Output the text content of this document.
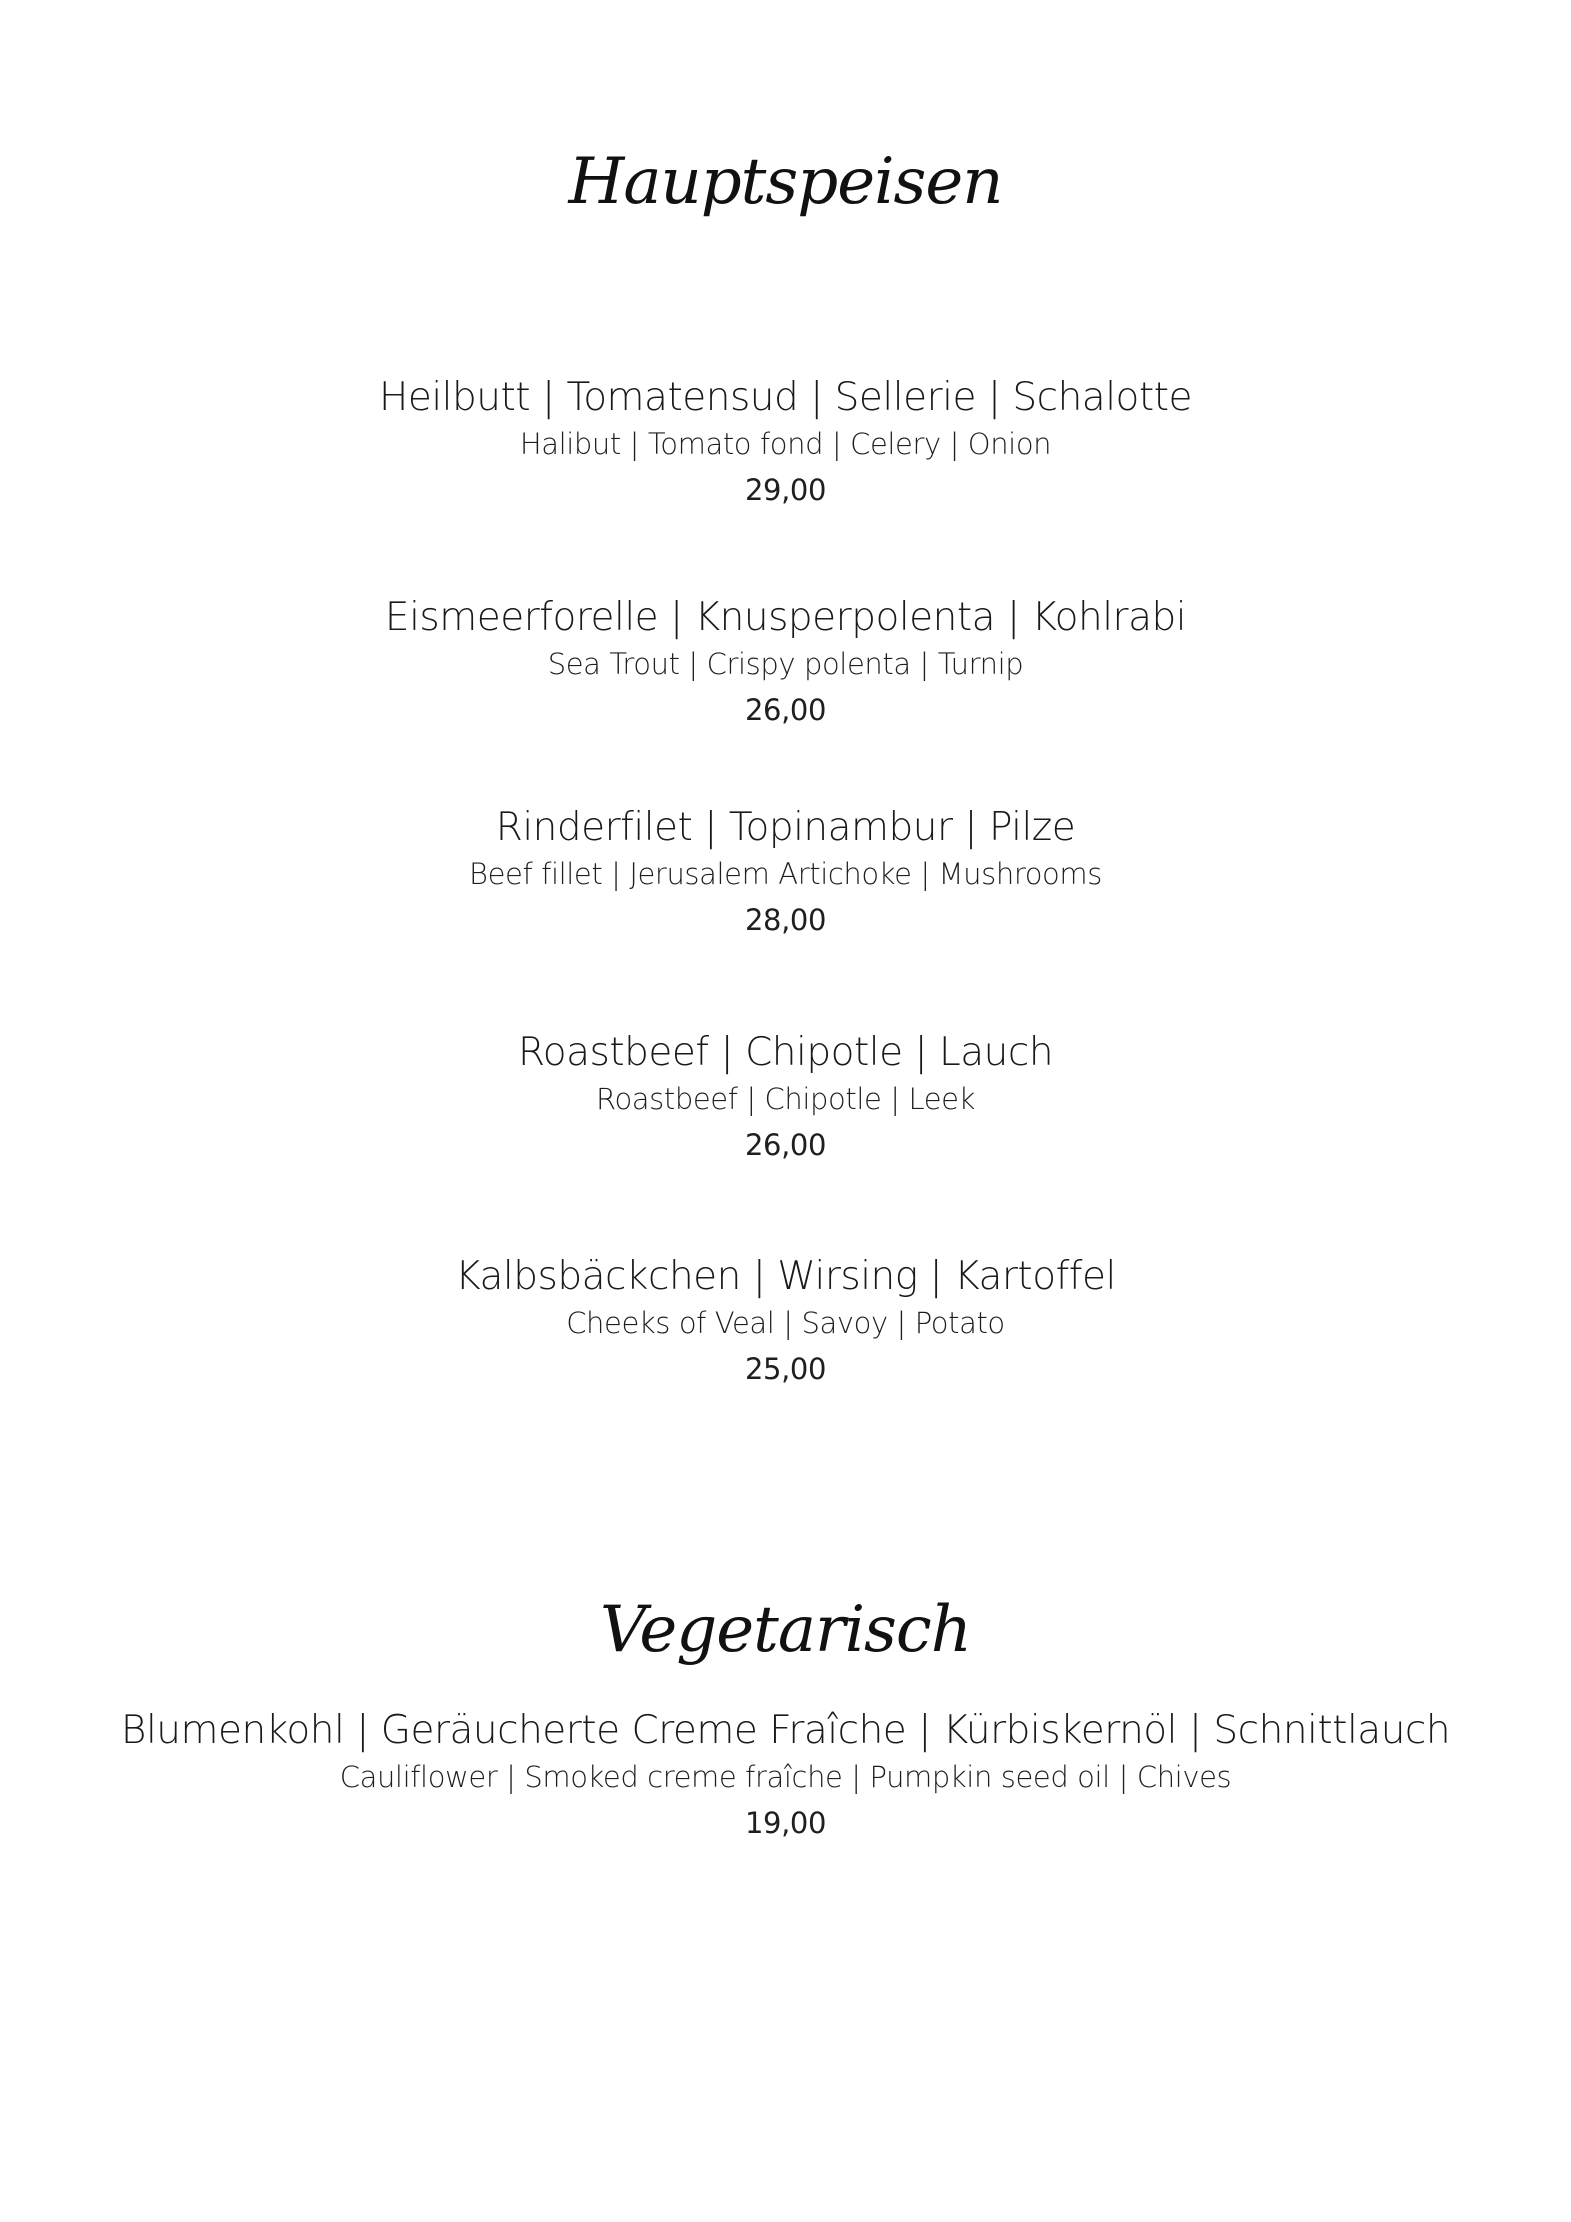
Hauptspeisen
Heilbutt | Tomatensud | Sellerie | Schalotte
Halibut | Tomato fond | Celery | Onion
29,00
Eismeerforelle | Knusperpolenta | Kohlrabi
Sea Trout | Crispy polenta | Turnip
26,00
Rinderfilet | Topinambur | Pilze
Beef fillet | Jerusalem Artichoke | Mushrooms
28,00
Roastbeef | Chipotle | Lauch
Roastbeef | Chipotle | Leek
26,00
Kalbsbäckchen | Wirsing | Kartoffel
Cheeks of Veal | Savoy | Potato
25,00
Vegetarisch
Blumenkohl | Geräucherte Creme Fraîche | Kürbiskernöl | Schnittlauch
Cauliflower | Smoked creme fraîche | Pumpkin seed oil | Chives
19,00
